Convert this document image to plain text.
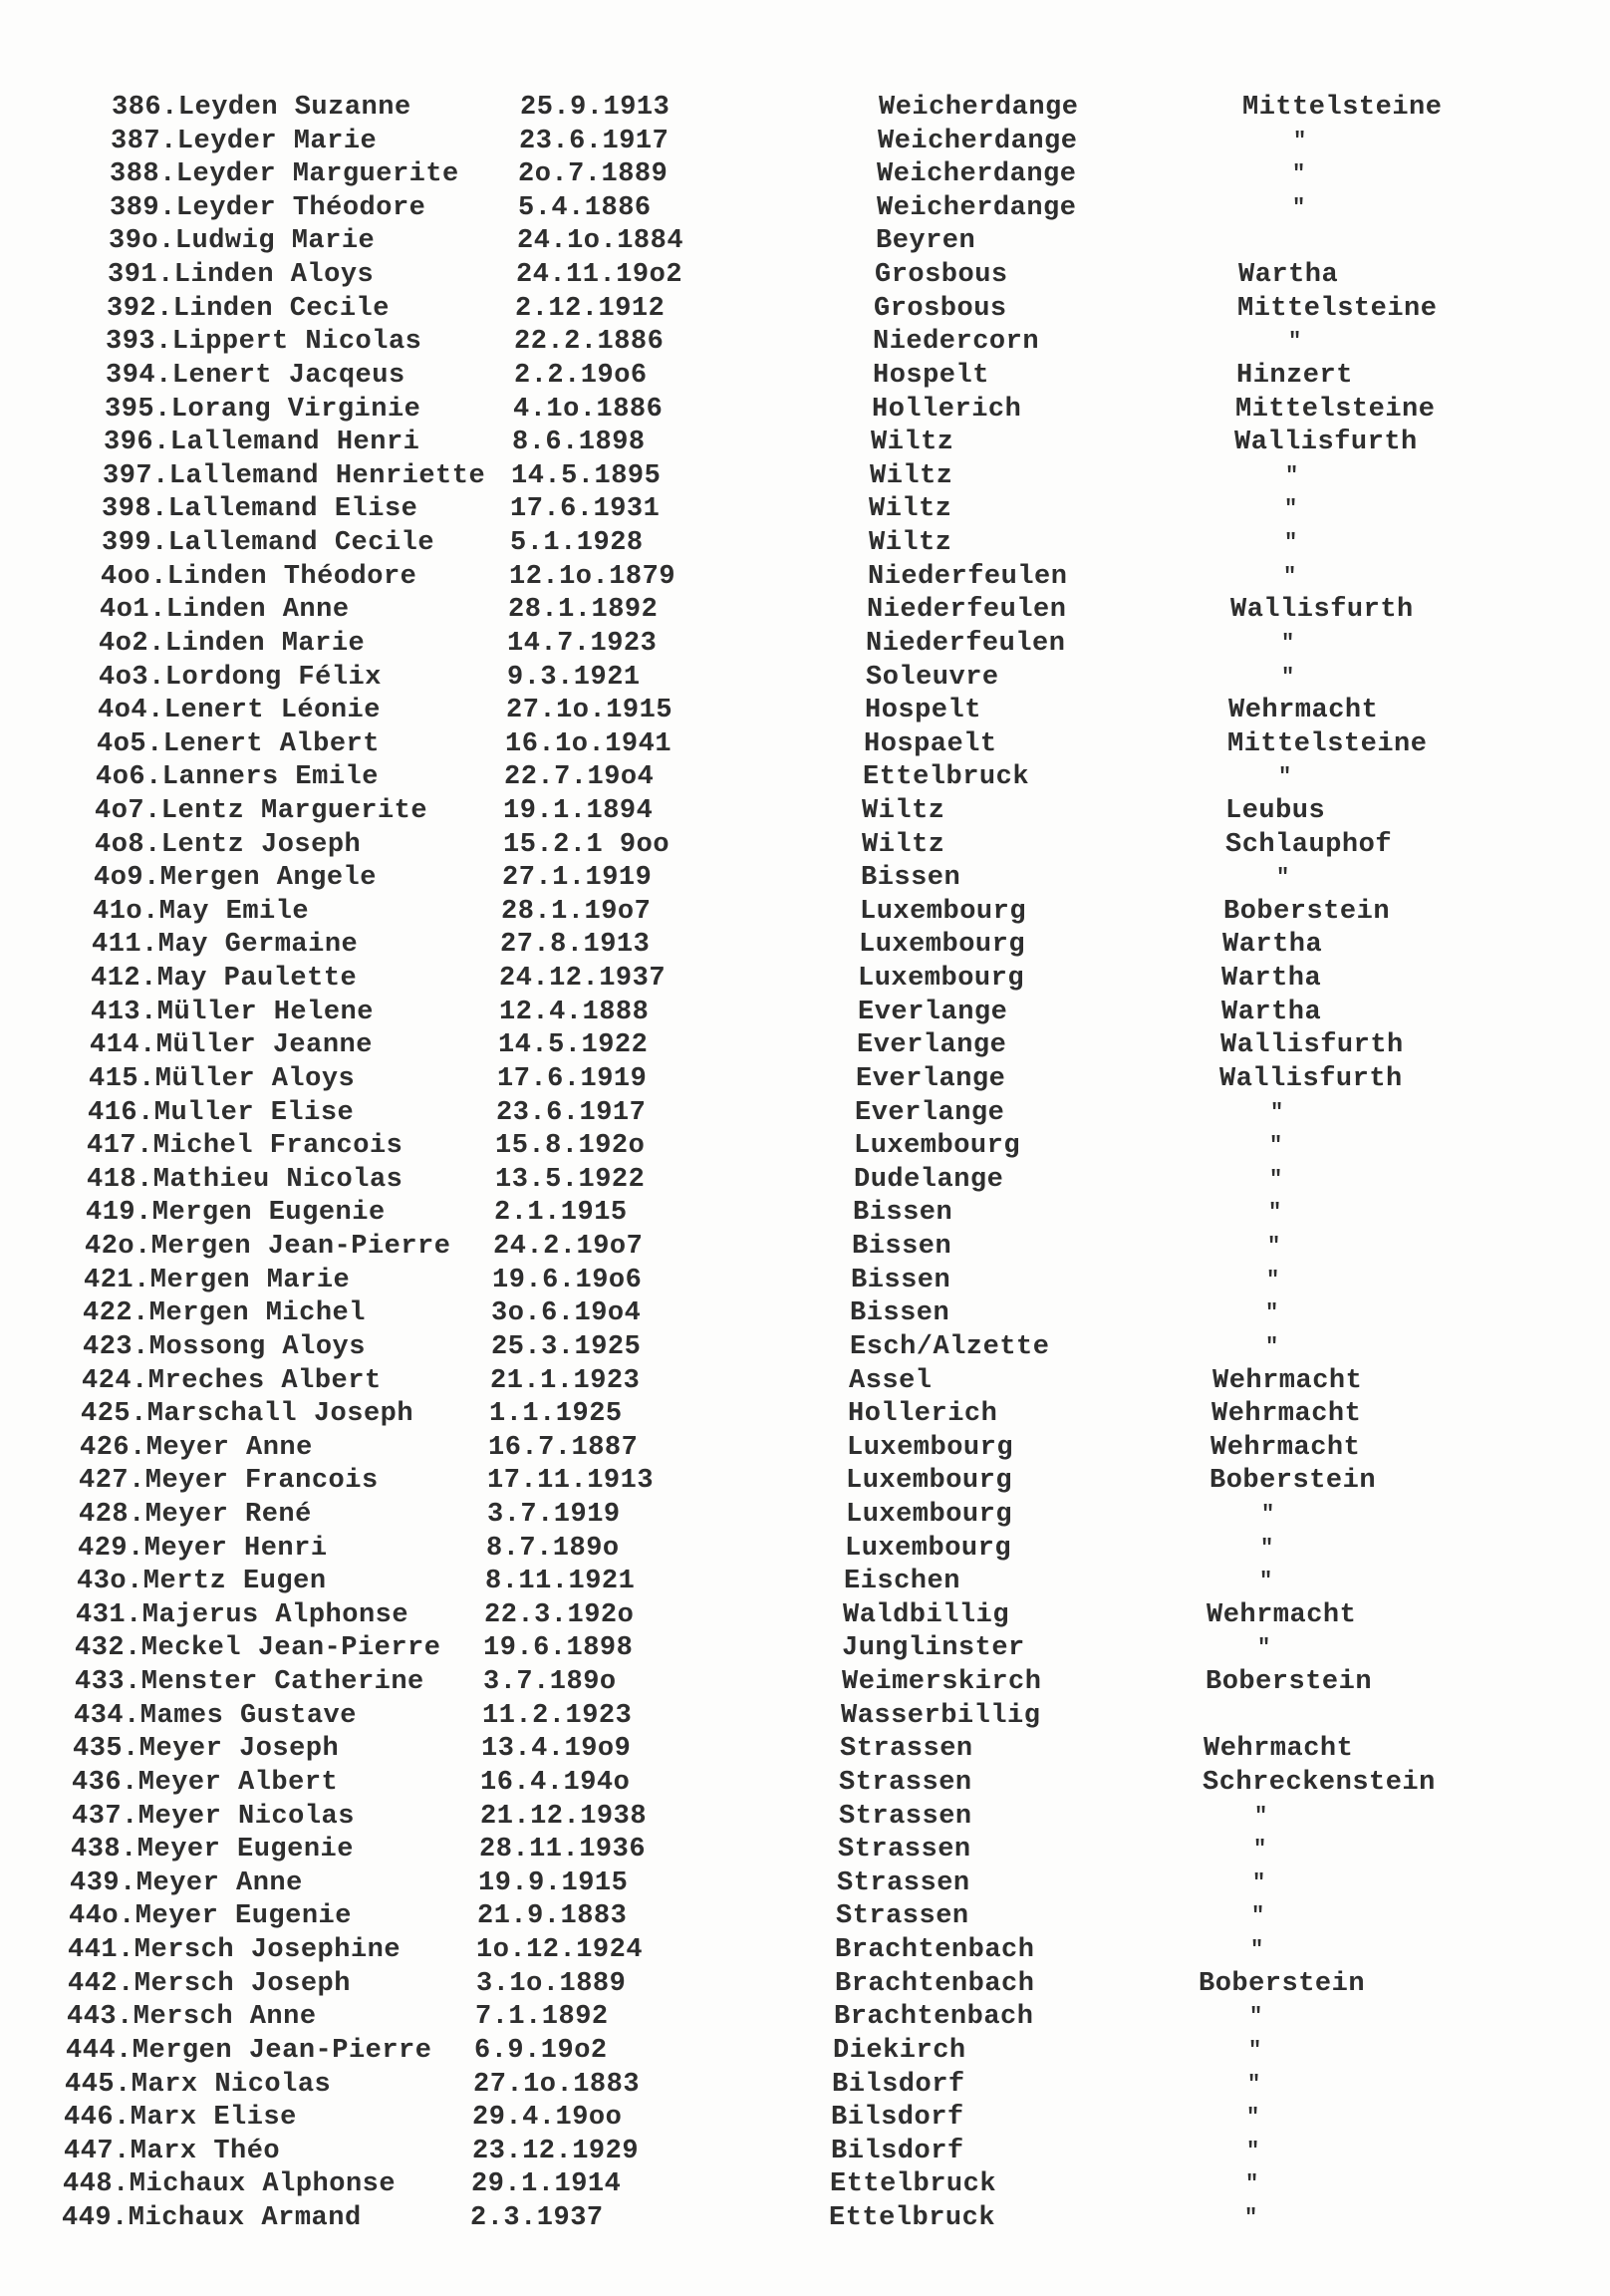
386.Leyden Suzanne	25.9.1913	Weicherdange	Mittelsteine
387.Leyder Marie	23.6.1917	Weicherdange	"
388.Leyder Marguerite 2o.7.1889	Weicherdange	"
389.Leyder Théodore	5.4.1886	Weicherdange	"
39o.Ludwig Marie	24.1o.1884	Beyren
391.Linden Aloys	24.11.19o2	Grosbous	Wartha
392.Linden Cecile	2.12.1912	Grosbous	Mittelsteine
393.Lippert Nicolas	22.2.1886	Niedercorn	"
394.Lenert Jacqeus	2.2.19o6	Hospelt	Hinzert
395.Lorang Virginie	4.1o.1886	Hollerich	Mittelsteine
396.Lallemand Henri	8.6.1898	Wiltz	Wallisfurth
397.Lallemand Henriette 14.5.1895	Wiltz	"
398.Lallemand Elise	17.6.1931	Wiltz	"
399.Lallemand Cecile	5.1.1928	Wiltz	"
4oo.Linden Théodore	12.1o.1879	Niederfeulen	"
4o1.Linden Anne	28.1.1892	Niederfeulen	Wallisfurth
4o2.Linden Marie	14.7.1923	Niederfeulen	"
4o3.Lordong Félix	9.3.1921	Soleuvre	"
4o4.Lenert Léonie	27.1o.1915	Hospelt	Wehrmacht
4o5.Lenert Albert	16.1o.1941	Hospaelt	Mittelsteine
4o6.Lanners Emile	22.7.19o4	Ettelbruck	"
4o7.Lentz Marguerite	19.1.1894	Wiltz	Leubus
4o8.Lentz Joseph	15.2.1 9oo	Wiltz	Schlauphof
4o9.Mergen Angele	27.1.1919	Bissen	"
41o.May Emile	28.1.19o7	Luxembourg	Boberstein
411.May Germaine	27.8.1913	Luxembourg	Wartha
412.May Paulette	24.12.1937	Luxembourg	Wartha
413.Müller Helene	12.4.1888	Everlange	Wartha
414.Müller Jeanne	14.5.1922	Everlange	Wallisfurth
415.Müller Aloys	17.6.1919	Everlange	Wallisfurth
416.Muller Elise	23.6.1917	Everlange	"
417.Michel Francois	15.8.192o	Luxembourg	"
418.Mathieu Nicolas	13.5.1922	Dudelange	"
419.Mergen Eugenie	2.1.1915	Bissen	"
42o.Mergen Jean-Pierre 24.2.19o7	Bissen	"
421.Mergen Marie	19.6.19o6	Bissen	"
422.Mergen Michel	3o.6.19o4	Bissen	"
423.Mossong Aloys	25.3.1925	Esch/Alzette	"
424.Mreches Albert	21.1.1923	Assel	Wehrmacht
425.Marschall Joseph	1.1.1925	Hollerich	Wehrmacht
426.Meyer Anne	16.7.1887	Luxembourg	Wehrmacht
427.Meyer Francois	17.11.1913	Luxembourg	Boberstein
428.Meyer René	3.7.1919	Luxembourg	"
429.Meyer Henri	8.7.189o	Luxembourg	"
43o.Mertz Eugen	8.11.1921	Eischen	"
431.Majerus Alphonse	22.3.192o	Waldbillig	Wehrmacht
432.Meckel Jean-Pierre 19.6.1898	Junglinster	"
433.Menster Catherine 3.7.189o	Weimerskirch	Boberstein
434.Mames Gustave	11.2.1923	Wasserbillig
435.Meyer Joseph	13.4.19o9	Strassen	Wehrmacht
436.Meyer Albert	16.4.194o	Strassen	Schreckenstein
437.Meyer Nicolas	21.12.1938	Strassen	"
438.Meyer Eugenie	28.11.1936	Strassen	"
439.Meyer Anne	19.9.1915	Strassen	"
44o.Meyer Eugenie	21.9.1883	Strassen	"
441.Mersch Josephine	1o.12.1924	Brachtenbach	"
442.Mersch Joseph	3.1o.1889	Brachtenbach	Boberstein
443.Mersch Anne	7.1.1892	Brachtenbach	"
444.Mergen Jean-Pierre 6.9.19o2	Diekirch	"
445.Marx Nicolas	27.1o.1883	Bilsdorf	"
446.Marx Elise	29.4.19oo	Bilsdorf	"
447.Marx Théo	23.12.1929	Bilsdorf	"
448.Michaux Alphonse	29.1.1914	Ettelbruck	"
449.Michaux Armand	2.3.1937	Ettelbruck	"
